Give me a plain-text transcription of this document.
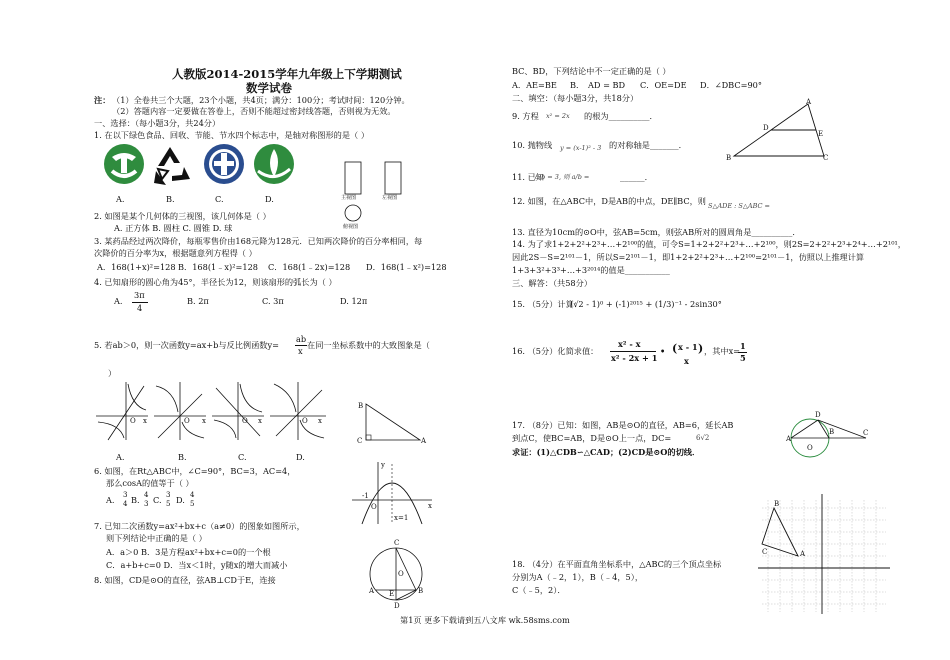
人教版2014-2015学年九年级上下学期测试
数学试卷
注： （1）全卷共三个大题，23个小题，共4页；满分：100分；考试时间：120分钟。
（2）答题内容一定要做在答卷上，否则不能超过密封线答题，否则视为无效。
一、选择：（每小题3分，共24分）
1. 在以下绿色食品、回收、节能、节水四个标志中，是轴对称图形的是（ ）
A.	B.	C.	D.	主视图	左视图
俯视图
2. 如图是某个几何体的三视图，该几何体是（ ）
A. 正方体 B. 圆柱 C. 圆锥 D. 球
3. 某药品经过两次降价，每瓶零售价由168元降为128元．已知两次降价的百分率相同，每
次降价的百分率为x，根据题意列方程得（ ）
A．168(1+x)²=128 B．168(1﹣x)²=128 C．168(1﹣2x)=128 D．168(1﹣x²)=128
4. 已知扇形的圆心角为45°，半径长为12，则该扇形的弧长为（ ）
A.
3π
4
B. 2π	C. 3π	D. 12π
5. 若ab＞0，则一次函数y=ax+b与反比例函数y=
ab
x
在同一坐标系数中的大致图象是（
）
O x	O x	O x	O x
B
C	A
A.	B.	C.	D.
6. 如图，在Rt△ABC中，∠C=90°，BC=3，AC=4，
那么cosA的值等于（ ）
A. 3
4 B. 4
3 C. 3
5 D. 4
5
y
x
-1
O
x=1
7. 已知二次函数y=ax²+bx+c（a≠0）的图象如图所示，
则下列结论中正确的是（ ）
A．a＞0 B．3是方程ax²+bx+c=0的一个根
C．a+b+c=0 D．当x＜1时，y随x的增大而减小
C
O
A	B
E
D
8. 如图，CD是⊙O的直径，弦AB⊥CD于E，连接
BC、BD，下列结论中不一定正确的是（ ）
A．AE=BE B． AD = BD C．OE=DE D．∠DBC=90°
二、填空：（每小题3分，共18分）
9. 方程 x² = 2x 的根为__________．
A
B	C
D
E
10. 抛物线 y = (x-1)² - 3 的对称轴是_______．
11. 已知
a/b = 3, 则 a/b =	______．
12. 如图，在△ABC中，D是AB的中点，DE∥BC，则 S△ADE : S△ABC =
13. 直径为10cm的⊙O中，弦AB=5cm，则弦AB所对的圆周角是__________．
14. 为了求1+2+2²+2³+…+2¹⁰⁰的值，可令S=1+2+2²+2³+…+2¹⁰⁰，则2S=2+2²+2³+2⁴+…+2¹⁰¹，
因此2S－S=2¹⁰¹－1，所以S=2¹⁰¹－1，即1+2+2²+2³+…+2¹⁰⁰=2¹⁰¹－1，仿照以上推理计算
1+3+3²+3³+…+3²⁰¹⁴的值是___________
三、解答：（共58分）
15. （5分）计算：
(√2 - 1)⁰ + (-1)²⁰¹⁵ + (1/3)⁻¹ - 2sin30°
16. （5分）化简求值：
x² - x
x² - 2x + 1
• ( x - 1
x
) ，其中x= 1
5
17. （8分）已知：如图，AB是⊙O的直径，AB=6，延长AB
到点C，使BC=AB，D是⊙O上一点，DC=	6√2
求证：(1)△CDB∽△CAD；(2)CD是⊙O的切线．
A
B	C
D
O
A
B
C
18. （4分）在平面直角坐标系中，△ABC的三个顶点坐标
分别为A（﹣2，1），B（﹣4，5），
C（﹣5，2）．
第1页 更多下载请到五八文库 wk.58sms.com
